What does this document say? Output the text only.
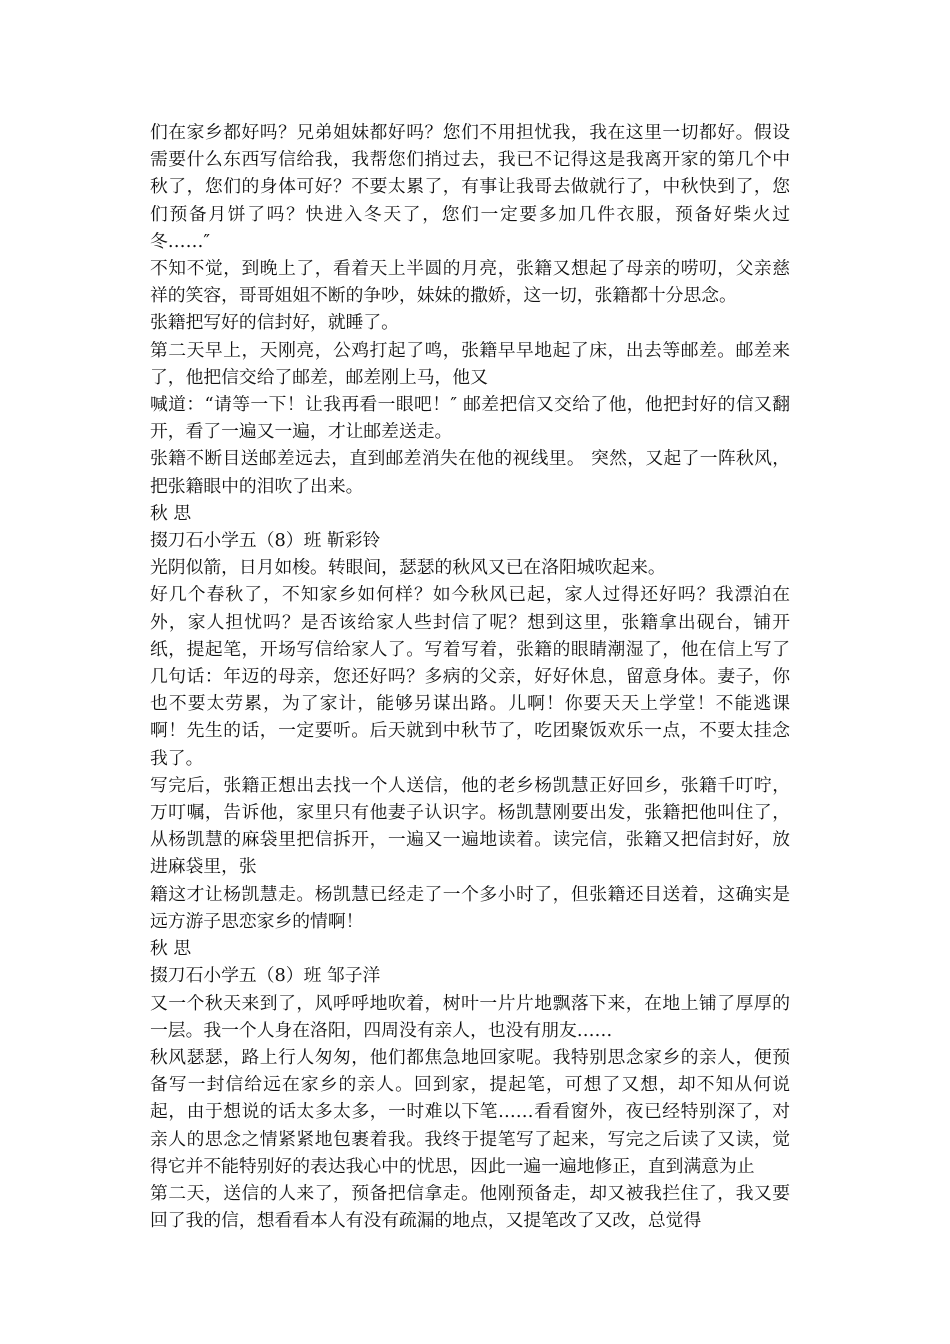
们在家乡都好吗？兄弟姐妹都好吗？您们不用担忧我，我在这里一切都好。假设需要什么东西写信给我，我帮您们捎过去，我已不记得这是我离开家的第几个中秋了，您们的身体可好？不要太累了，有事让我哥去做就行了，中秋快到了，您们预备月饼了吗？快进入冬天了，您们一定要多加几件衣服，预备好柴火过冬……″

不知不觉，到晚上了，看着天上半圆的月亮，张籍又想起了母亲的唠叨，父亲慈祥的笑容，哥哥姐姐不断的争吵，妹妹的撒娇，这一切，张籍都十分思念。

张籍把写好的信封好，就睡了。

第二天早上，天刚亮，公鸡打起了鸣，张籍早早地起了床，出去等邮差。邮差来了，他把信交给了邮差，邮差刚上马，他又

喊道：“请等一下！让我再看一眼吧！″ 邮差把信又交给了他，他把封好的信又翻开，看了一遍又一遍，才让邮差送走。

张籍不断目送邮差远去，直到邮差消失在他的视线里。 突然，又起了一阵秋风，把张籍眼中的泪吹了出来。

秋 思

掇刀石小学五（8）班 靳彩铃

光阴似箭，日月如梭。转眼间，瑟瑟的秋风又已在洛阳城吹起来。

好几个春秋了，不知家乡如何样？如今秋风已起，家人过得还好吗？我漂泊在外，家人担忧吗？是否该给家人些封信了呢？想到这里，张籍拿出砚台，铺开纸，提起笔，开场写信给家人了。写着写着，张籍的眼睛潮湿了，他在信上写了几句话：年迈的母亲，您还好吗？多病的父亲，好好休息，留意身体。妻子，你也不要太劳累，为了家计，能够另谋出路。儿啊！你要天天上学堂！不能逃课啊！先生的话，一定要听。后天就到中秋节了，吃团聚饭欢乐一点，不要太挂念我了。

写完后，张籍正想出去找一个人送信，他的老乡杨凯慧正好回乡，张籍千叮咛，万叮嘱，告诉他，家里只有他妻子认识字。杨凯慧刚要出发，张籍把他叫住了，从杨凯慧的麻袋里把信拆开，一遍又一遍地读着。读完信，张籍又把信封好，放进麻袋里，张

籍这才让杨凯慧走。杨凯慧已经走了一个多小时了，但张籍还目送着，这确实是远方游子思恋家乡的情啊！

秋 思

掇刀石小学五（8）班 邹子洋

又一个秋天来到了，风呼呼地吹着，树叶一片片地飘落下来，在地上铺了厚厚的一层。我一个人身在洛阳，四周没有亲人，也没有朋友……

秋风瑟瑟，路上行人匆匆，他们都焦急地回家呢。我特别思念家乡的亲人，便预备写一封信给远在家乡的亲人。回到家，提起笔，可想了又想，却不知从何说起，由于想说的话太多太多，一时难以下笔……看看窗外，夜已经特别深了，对亲人的思念之情紧紧地包裹着我。我终于提笔写了起来，写完之后读了又读，觉得它并不能特别好的表达我心中的忧思，因此一遍一遍地修正，直到满意为止

第二天，送信的人来了，预备把信拿走。他刚预备走，却又被我拦住了，我又要回了我的信，想看看本人有没有疏漏的地点，又提笔改了又改，总觉得
